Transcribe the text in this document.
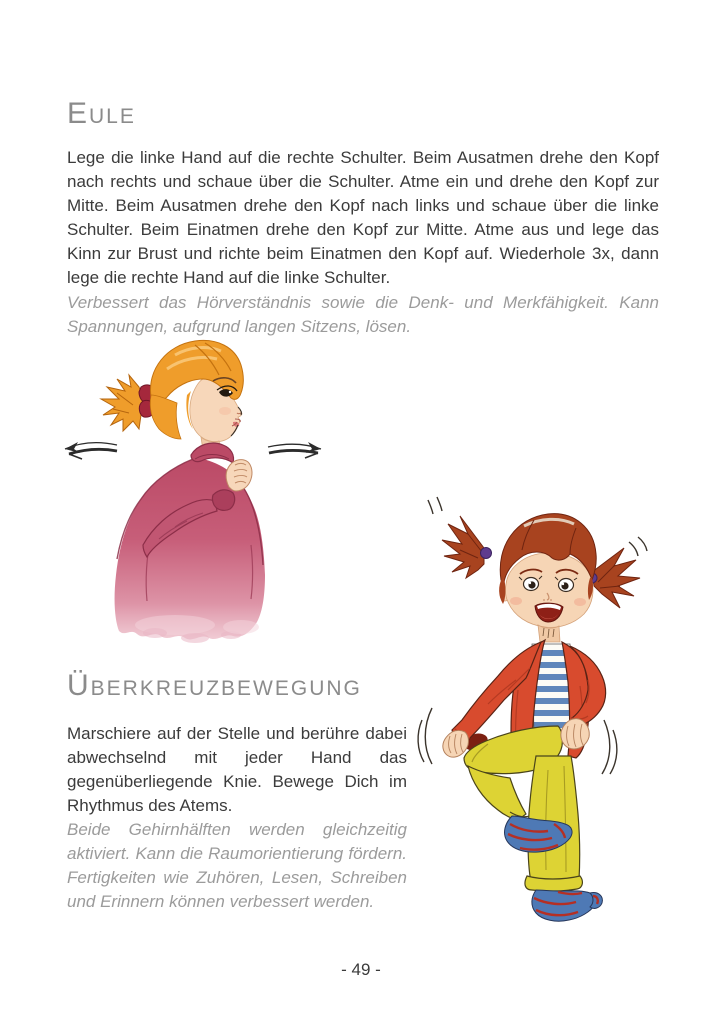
Eule

Lege die linke Hand auf die rechte Schulter. Beim Ausatmen drehe den Kopf nach rechts und schaue über die Schulter. Atme ein und drehe den Kopf zur Mitte. Beim Ausatmen drehe den Kopf nach links und schaue über die linke Schulter. Beim Einatmen drehe den Kopf zur Mitte. Atme aus und lege das Kinn zur Brust und richte beim Einatmen den Kopf auf. Wiederhole 3x, dann lege die rechte Hand auf die linke Schulter.

Verbessert das Hörverständnis sowie die Denk- und Merkfähigkeit. Kann Spannungen, aufgrund langen Sitzens, lösen.

Überkreuzbewegung

Marschiere auf der Stelle und berühre dabei abwechselnd mit jeder Hand das gegenüberliegende Knie. Bewege Dich im Rhythmus des Atems.

Beide Gehirnhälften werden gleichzeitig aktiviert. Kann die Raumorientierung fördern. Fertigkeiten wie Zuhören, Lesen, Schreiben und Erinnern können verbessert werden.

- 49 -
